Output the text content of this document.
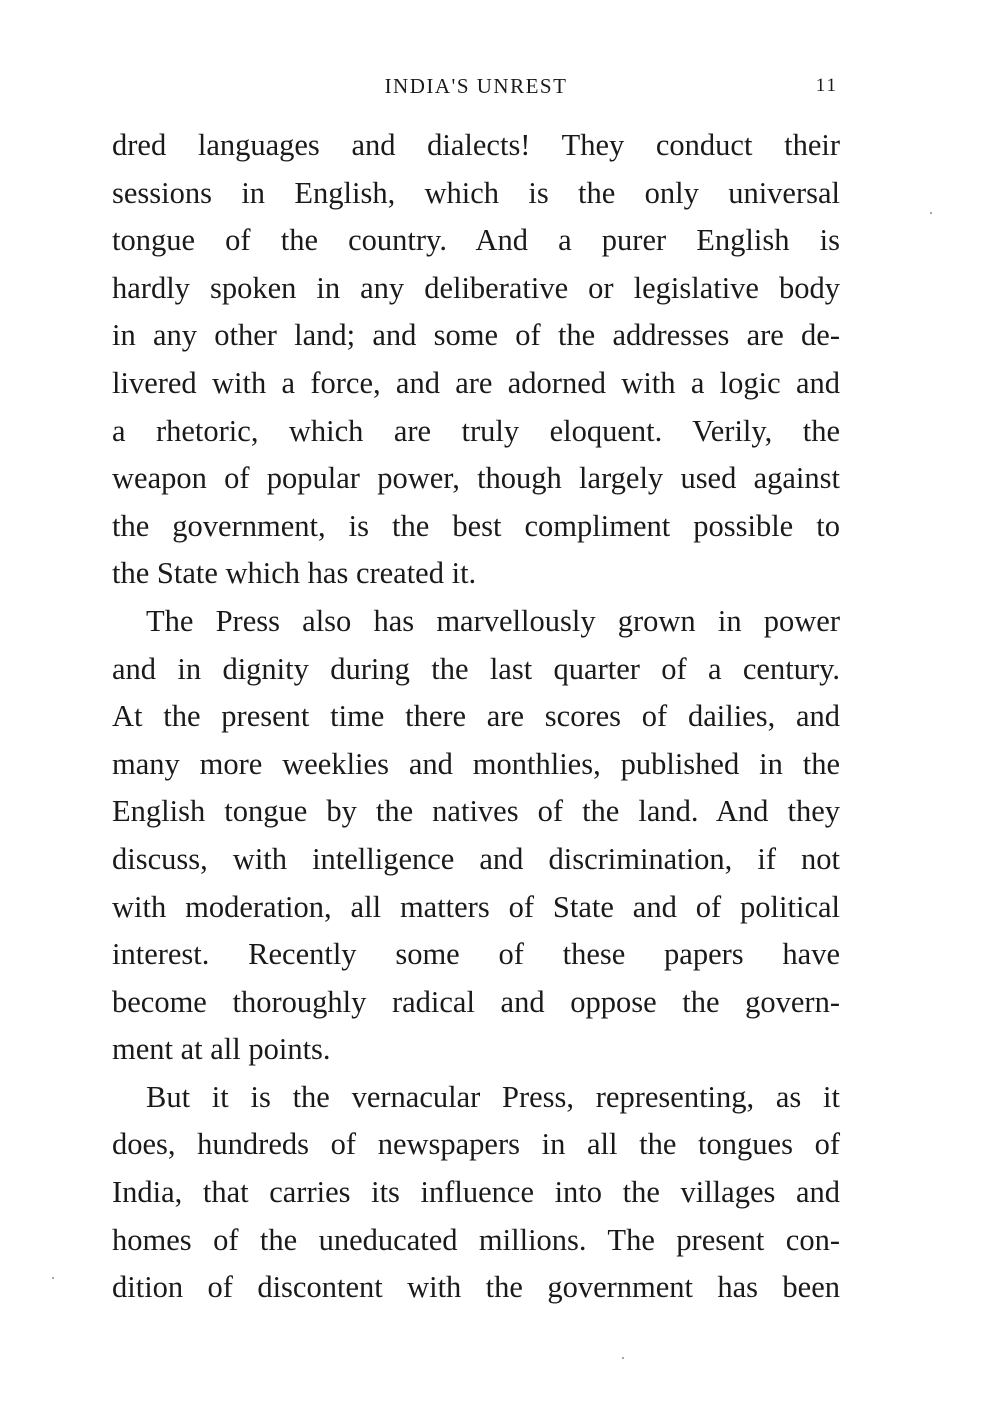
INDIA'S UNREST	11
dred languages and dialects! They conduct their
sessions in English, which is the only universal
tongue of the country. And a purer English is
hardly spoken in any deliberative or legislative body
in any other land; and some of the addresses are de-
livered with a force, and are adorned with a logic and
a rhetoric, which are truly eloquent. Verily, the
weapon of popular power, though largely used against
the government, is the best compliment possible to
the State which has created it.
The Press also has marvellously grown in power
and in dignity during the last quarter of a century.
At the present time there are scores of dailies, and
many more weeklies and monthlies, published in the
English tongue by the natives of the land. And they
discuss, with intelligence and discrimination, if not
with moderation, all matters of State and of political
interest. Recently some of these papers have
become thoroughly radical and oppose the govern-
ment at all points.
But it is the vernacular Press, representing, as it
does, hundreds of newspapers in all the tongues of
India, that carries its influence into the villages and
homes of the uneducated millions. The present con-
dition of discontent with the government has been
